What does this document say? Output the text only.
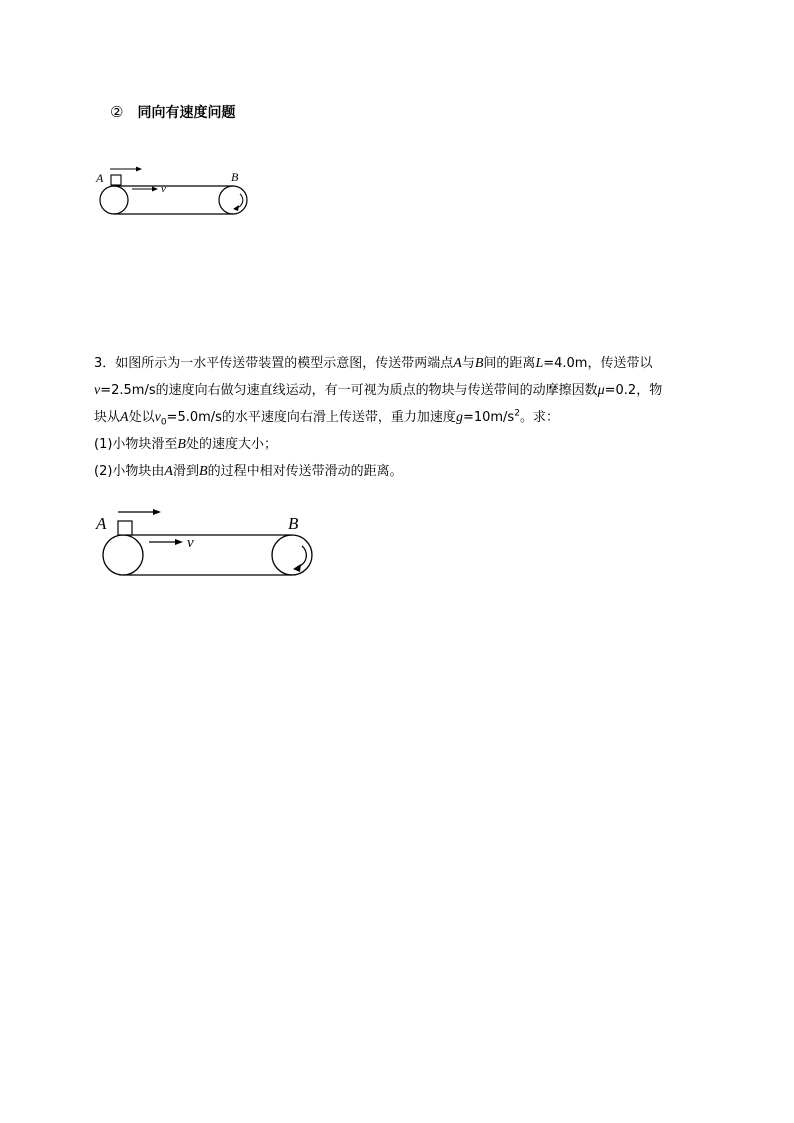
② 同向有速度问题
A	B
v

3．如图所示为一水平传送带装置的模型示意图，传送带两端点A与B间的距离L=4.0m，传送带以

v=2.5m/s的速度向右做匀速直线运动，有一可视为质点的物块与传送带间的动摩擦因数μ=0.2，物

块从A处以$v_0=5.0m/s$的水平速度向右滑上传送带，重力加速度$g=10m/s^2$。求：

(1)小物块滑至B处的速度大小；

(2)小物块由A滑到B的过程中相对传送带滑动的距离。

A	B
v
